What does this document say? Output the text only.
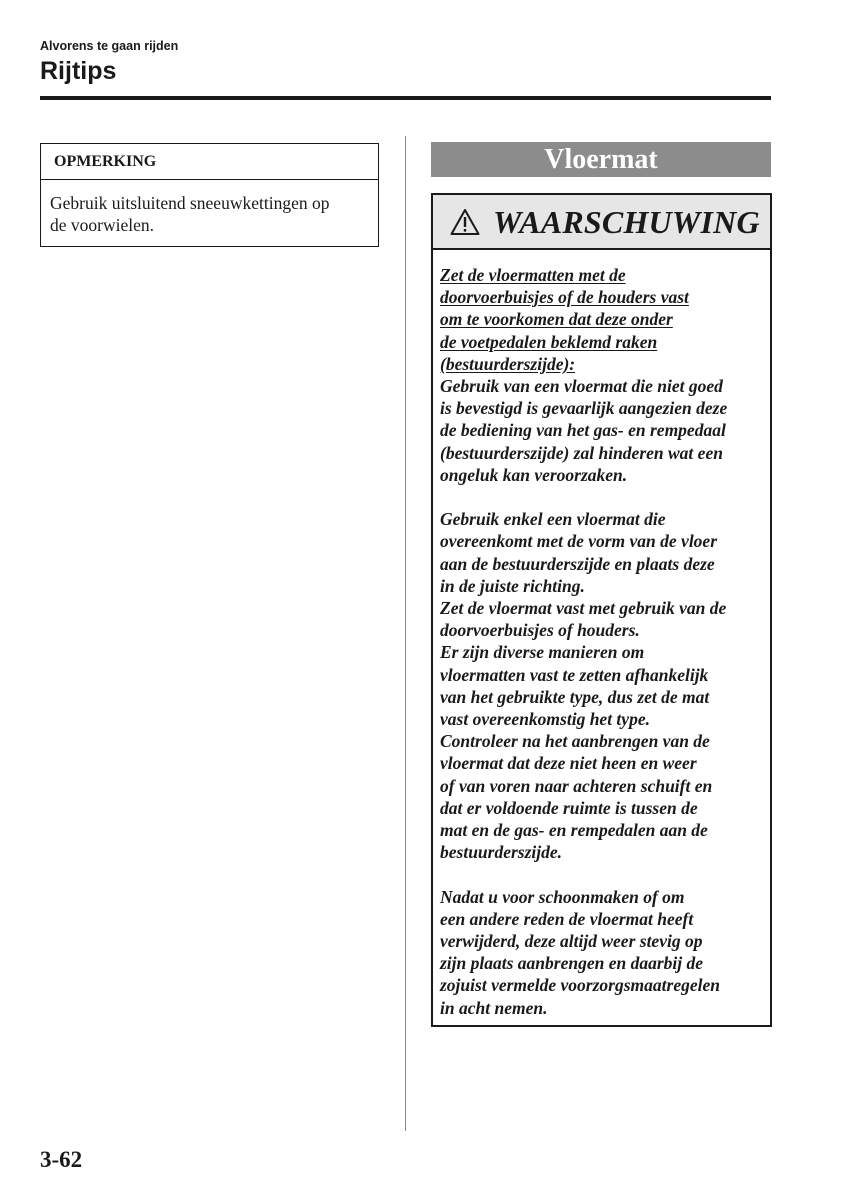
Alvorens te gaan rijden
Rijtips
OPMERKING
Gebruik uitsluitend sneeuwkettingen op
de voorwielen.
Vloermat
WAARSCHUWING
Zet de vloermatten met de
doorvoerbuisjes of de houders vast
om te voorkomen dat deze onder
de voetpedalen beklemd raken
(bestuurderszijde):
Gebruik van een vloermat die niet goed
is bevestigd is gevaarlijk aangezien deze
de bediening van het gas- en rempedaal
(bestuurderszijde) zal hinderen wat een
ongeluk kan veroorzaken.
Gebruik enkel een vloermat die
overeenkomt met de vorm van de vloer
aan de bestuurderszijde en plaats deze
in de juiste richting.
Zet de vloermat vast met gebruik van de
doorvoerbuisjes of houders.
Er zijn diverse manieren om
vloermatten vast te zetten afhankelijk
van het gebruikte type, dus zet de mat
vast overeenkomstig het type.
Controleer na het aanbrengen van de
vloermat dat deze niet heen en weer
of van voren naar achteren schuift en
dat er voldoende ruimte is tussen de
mat en de gas- en rempedalen aan de
bestuurderszijde.
Nadat u voor schoonmaken of om
een andere reden de vloermat heeft
verwijderd, deze altijd weer stevig op
zijn plaats aanbrengen en daarbij de
zojuist vermelde voorzorgsmaatregelen
in acht nemen.
3-62
